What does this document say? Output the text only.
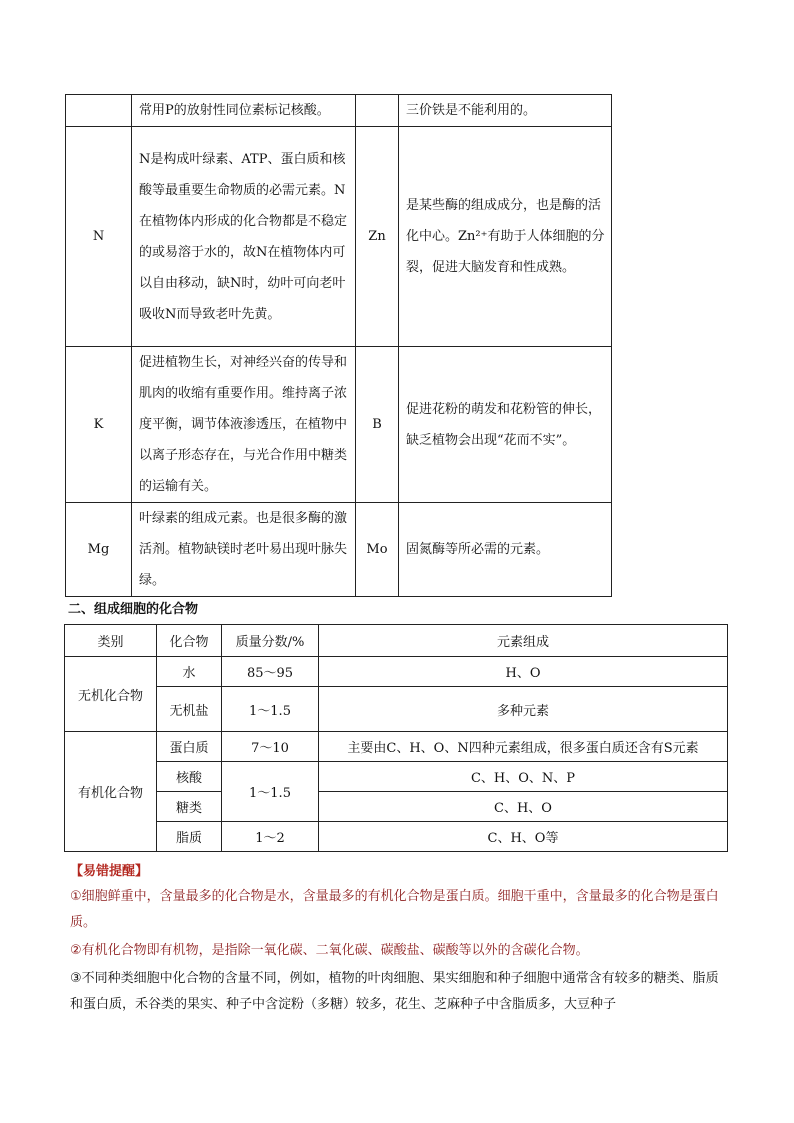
	常用P的放射性同位素标记核酸。		三价铁是不能利用的。
N	N是构成叶绿素、ATP、蛋白质和核酸等最重要生命物质的必需元素。N在植物体内形成的化合物都是不稳定的或易溶于水的，故N在植物体内可以自由移动，缺N时，幼叶可向老叶吸收N而导致老叶先黄。	Zn	是某些酶的组成成分，也是酶的活化中心。Zn²⁺有助于人体细胞的分裂，促进大脑发育和性成熟。
K	促进植物生长，对神经兴奋的传导和肌肉的收缩有重要作用。维持离子浓度平衡，调节体液渗透压，在植物中以离子形态存在，与光合作用中糖类的运输有关。	B	促进花粉的萌发和花粉管的伸长，缺乏植物会出现“花而不实”。
Mg	叶绿素的组成元素。也是很多酶的激活剂。植物缺镁时老叶易出现叶脉失绿。	Mo	固氮酶等所必需的元素。
二、组成细胞的化合物
类别	化合物	质量分数/%	元素组成
无机化合物	水	85～95	H、O
	无机盐	1～1.5	多种元素
有机化合物	蛋白质	7～10	主要由C、H、O、N四种元素组成，很多蛋白质还含有S元素
	核酸	1～1.5	C、H、O、N、P
	糖类		C、H、O
	脂质	1～2	C、H、O等
【易错提醒】
①细胞鲜重中，含量最多的化合物是水，含量最多的有机化合物是蛋白质。细胞干重中，含量最多的化合物是蛋白质。
②有机化合物即有机物，是指除一氧化碳、二氧化碳、碳酸盐、碳酸等以外的含碳化合物。
③不同种类细胞中化合物的含量不同，例如，植物的叶肉细胞、果实细胞和种子细胞中通常含有较多的糖类、脂质和蛋白质，禾谷类的果实、种子中含淀粉（多糖）较多，花生、芝麻种子中含脂质多，大豆种子
